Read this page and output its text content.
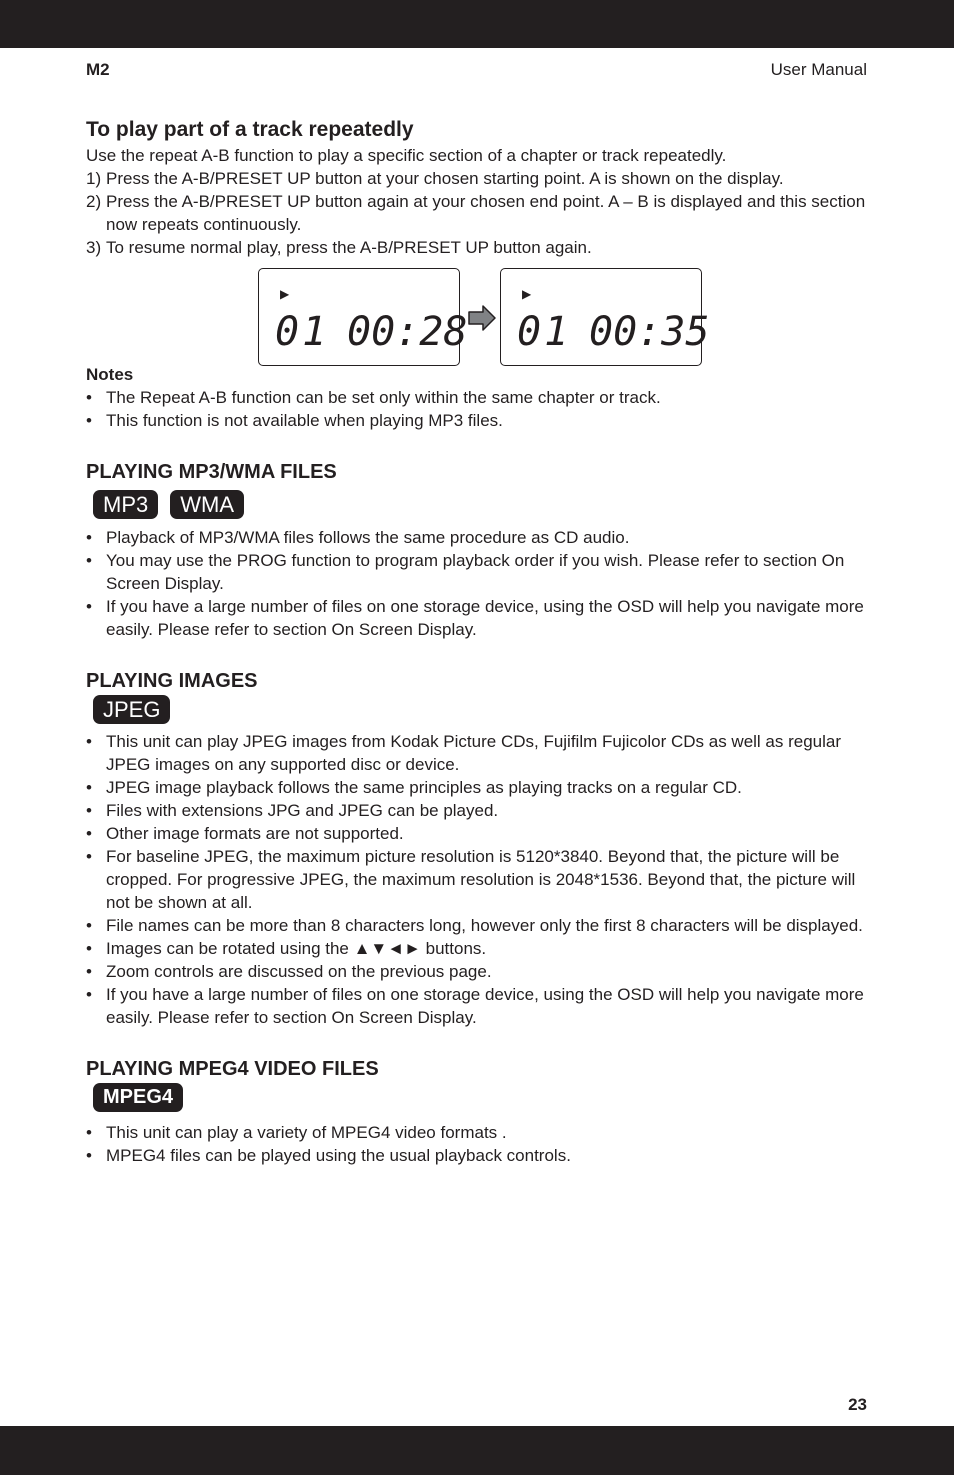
M2	User Manual
▶
01 00:28
▶
01 00:35
To play part of a track repeatedly

Use the repeat A-B function to play a specific section of a chapter or track repeatedly.

1) Press the A-B/PRESET UP button at your chosen starting point. A is shown on the display.
2) Press the A-B/PRESET UP button again at your chosen end point. A – B is displayed and this section now repeats continuously.
3) To resume normal play, press the A-B/PRESET UP button again.

Notes

• The Repeat A-B function can be set only within the same chapter or track.
• This function is not available when playing MP3 files.
PLAYING MP3/WMA FILES
MP3	WMA
• Playback of MP3/WMA files follows the same procedure as CD audio.
• You may use the PROG function to program playback order if you wish. Please refer to section On Screen Display.
• If you have a large number of files on one storage device, using the OSD will help you navigate more easily. Please refer to section On Screen Display.
PLAYING IMAGES
JPEG
• This unit can play JPEG images from Kodak Picture CDs, Fujifilm Fujicolor CDs as well as regular JPEG images on any supported disc or device.
• JPEG image playback follows the same principles as playing tracks on a regular CD.
• Files with extensions JPG and JPEG can be played.
• Other image formats are not supported.
• For baseline JPEG, the maximum picture resolution is 5120*3840. Beyond that, the picture will be cropped. For progressive JPEG, the maximum resolution is 2048*1536. Beyond that, the picture will not be shown at all.
• File names can be more than 8 characters long, however only the first 8 characters will be displayed.
• Images can be rotated using the ▲▼◄► buttons.
• Zoom controls are discussed on the previous page.
• If you have a large number of files on one storage device, using the OSD will help you navigate more easily. Please refer to section On Screen Display.
PLAYING MPEG4 VIDEO FILES
MPEG4
• This unit can play a variety of MPEG4 video formats .
• MPEG4 files can be played using the usual playback controls.
23
